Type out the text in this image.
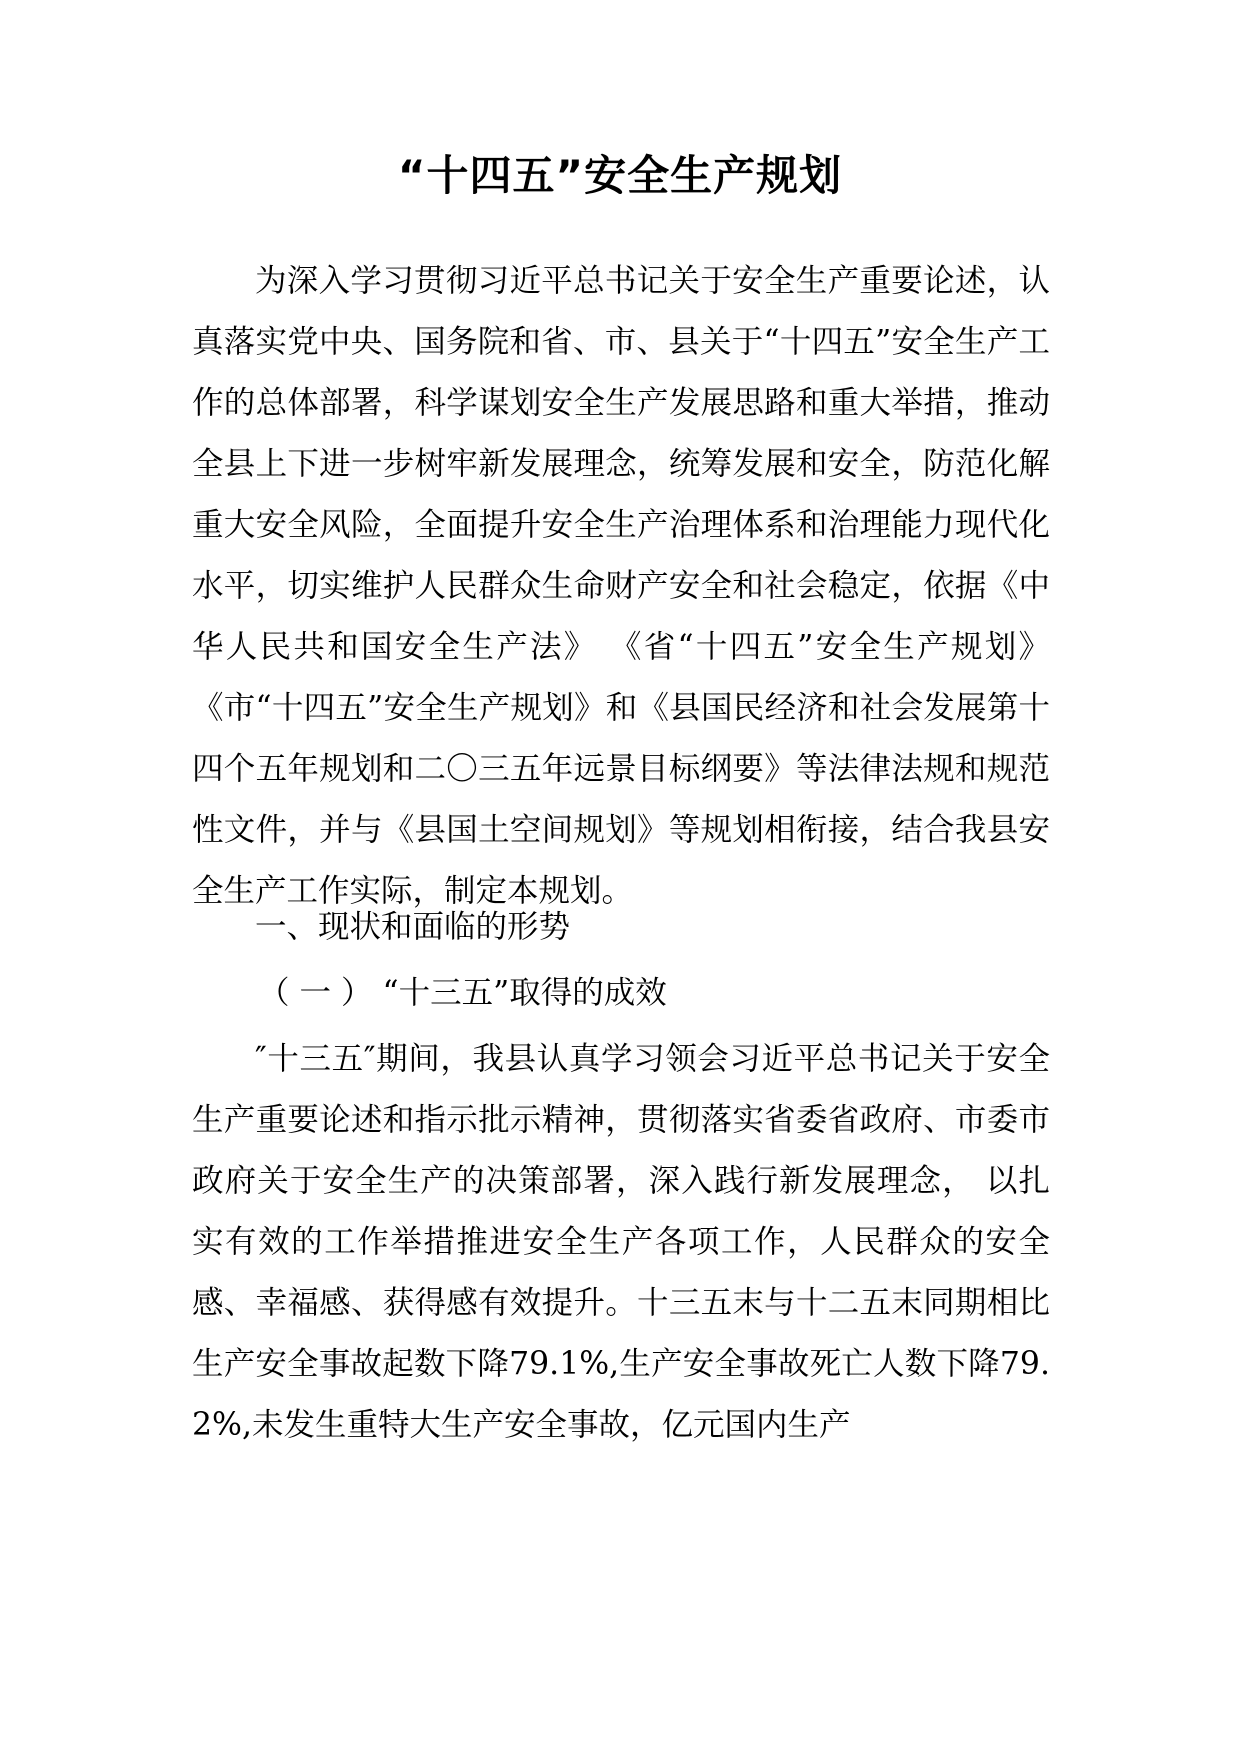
“十四五”安全生产规划

为深入学习贯彻习近平总书记关于安全生产重要论述，认真落实党中央、国务院和省、市、县关于“十四五”安全生产工作的总体部署，科学谋划安全生产发展思路和重大举措，推动全县上下进一步树牢新发展理念，统筹发展和安全，防范化解重大安全风险，全面提升安全生产治理体系和治理能力现代化水平，切实维护人民群众生命财产安全和社会稳定，依据《中华人民共和国安全生产法》 《省“十四五”安全生产规划》 《市“十四五”安全生产规划》和《县国民经济和社会发展第十四个五年规划和二〇三五年远景目标纲要》等法律法规和规范性文件，并与《县国土空间规划》等规划相衔接，结合我县安全生产工作实际，制定本规划。

一、现状和面临的形势

（ 一 ） “十三五”取得的成效

″十三五″期间，我县认真学习领会习近平总书记关于安全生产重要论述和指示批示精神，贯彻落实省委省政府、市委市政府关于安全生产的决策部署，深入践行新发展理念， 以扎实有效的工作举措推进安全生产各项工作，人民群众的安全感、幸福感、获得感有效提升。十三五末与十二五末同期相比生产安全事故起数下降79.1%,生产安全事故死亡人数下降79.2%,未发生重特大生产安全事故，亿元国内生产
